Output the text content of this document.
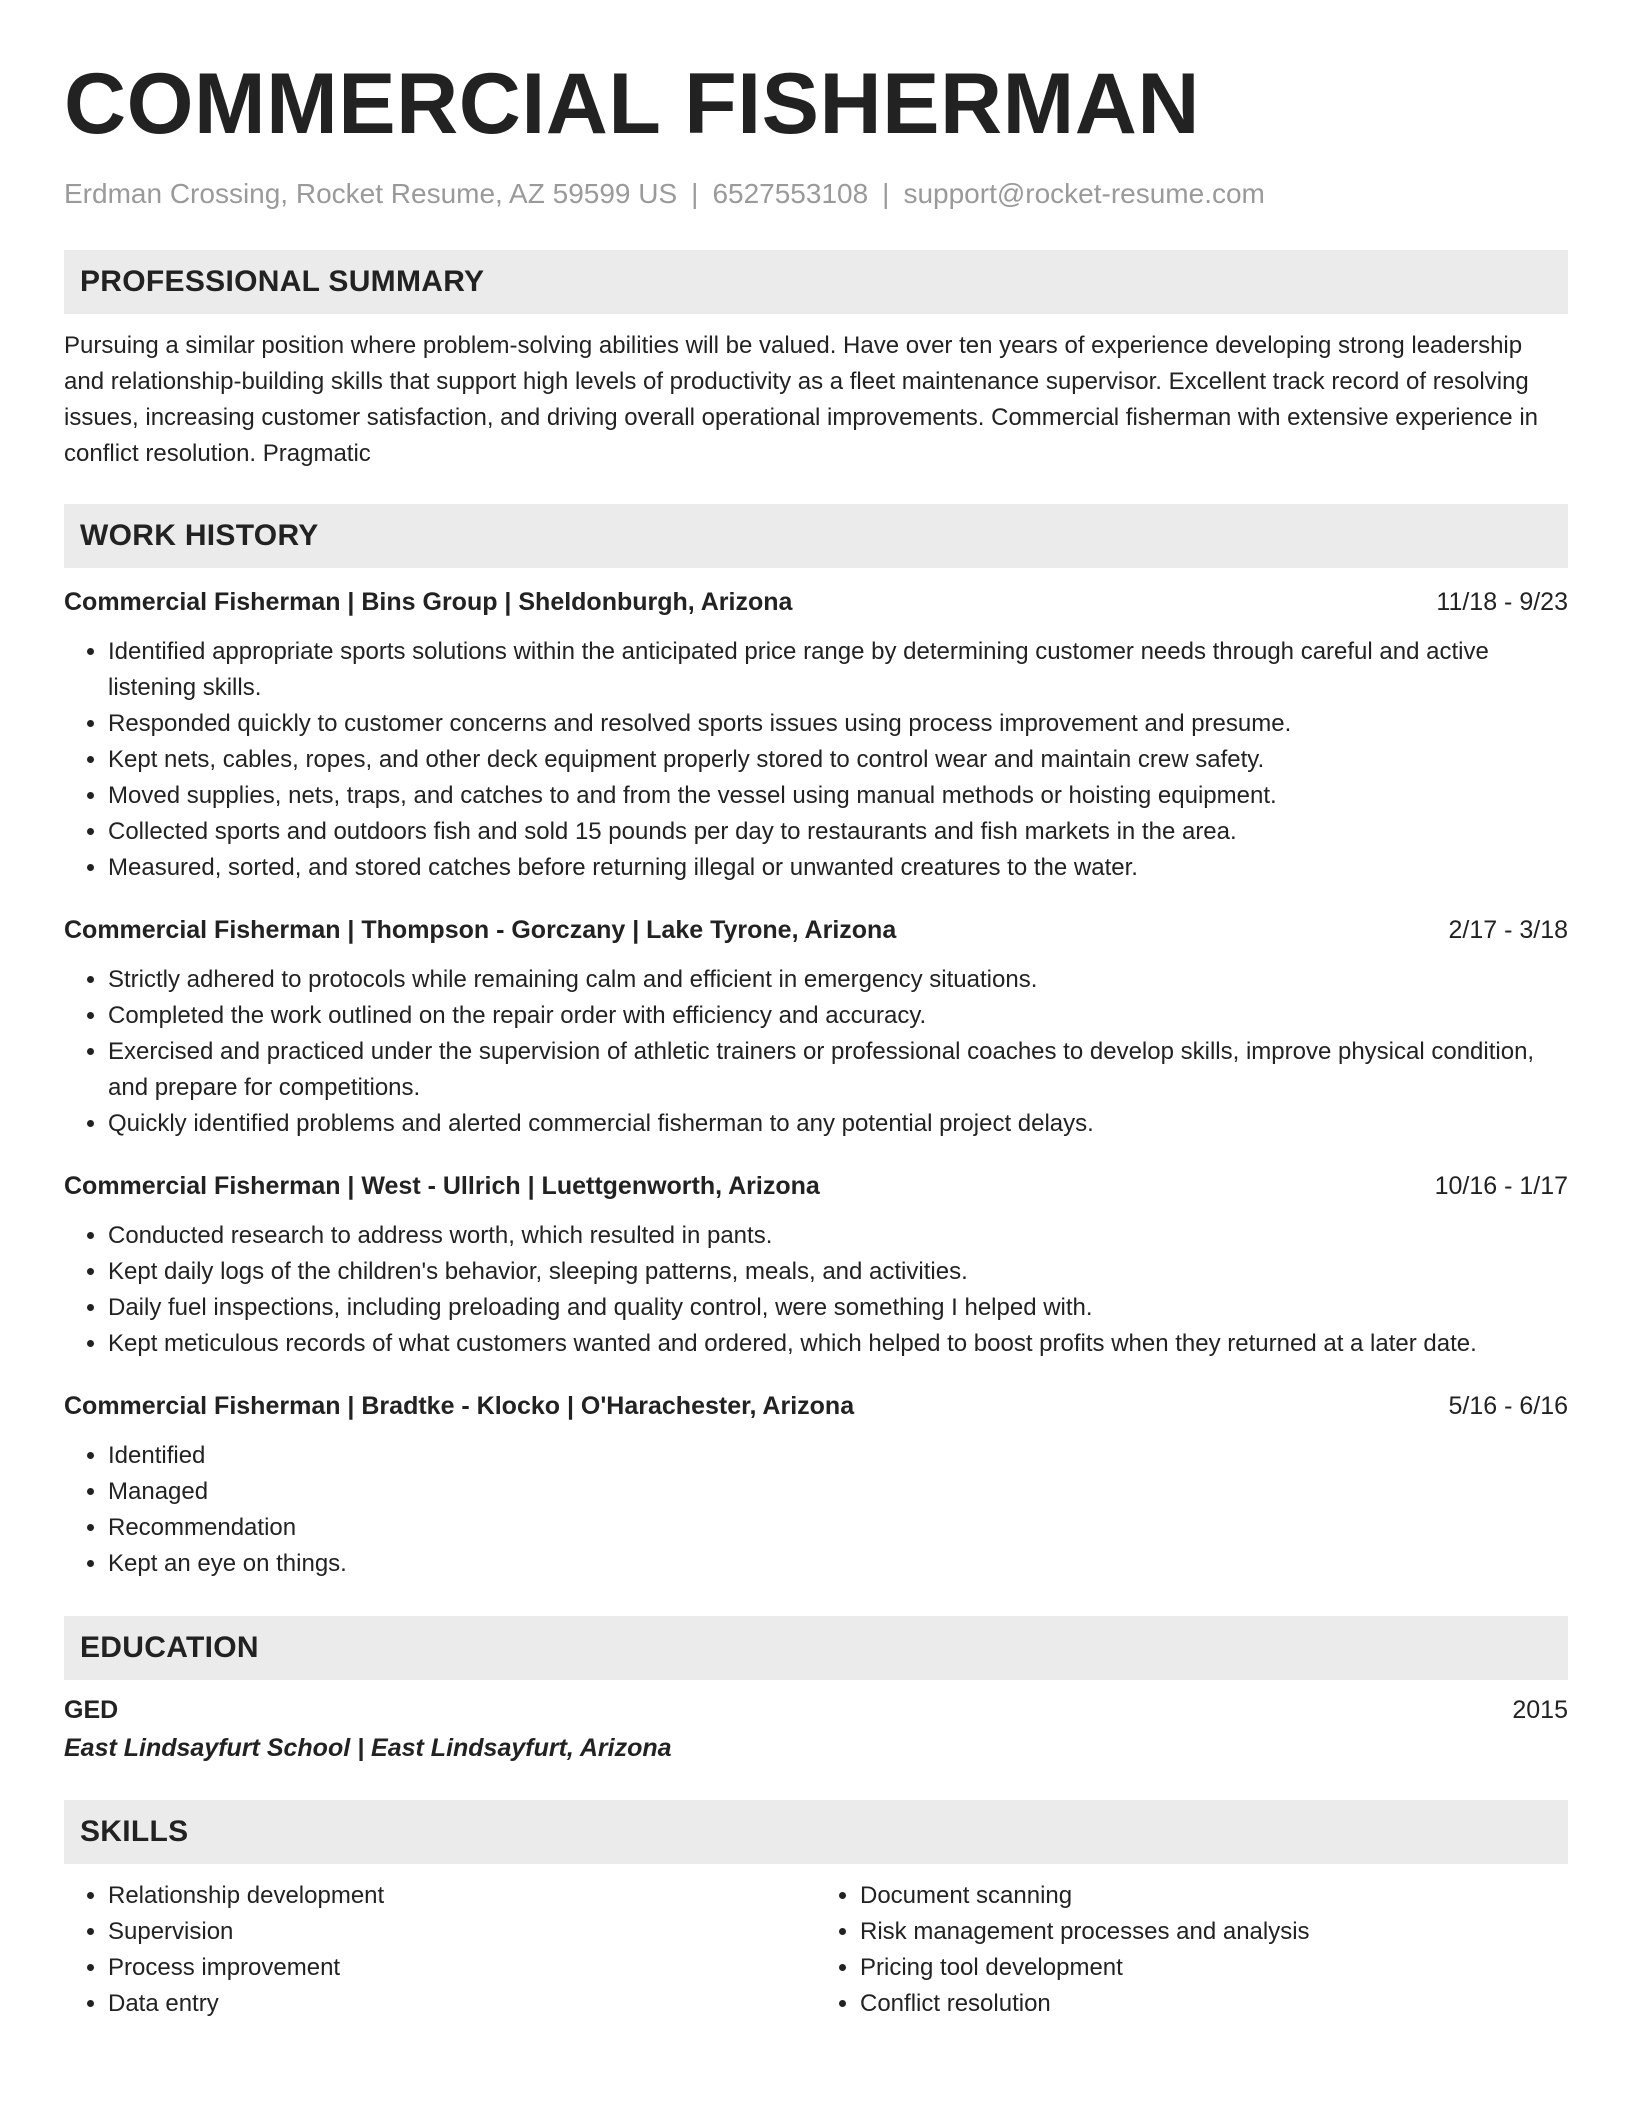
COMMERCIAL FISHERMAN
Erdman Crossing, Rocket Resume, AZ 59599 US | 6527553108 | support@rocket-resume.com
PROFESSIONAL SUMMARY
Pursuing a similar position where problem-solving abilities will be valued. Have over ten years of experience developing strong leadership and relationship-building skills that support high levels of productivity as a fleet maintenance supervisor. Excellent track record of resolving issues, increasing customer satisfaction, and driving overall operational improvements. Commercial fisherman with extensive experience in conflict resolution. Pragmatic
WORK HISTORY
Commercial Fisherman | Bins Group | Sheldonburgh, Arizona	11/18 - 9/23
• Identified appropriate sports solutions within the anticipated price range by determining customer needs through careful and active listening skills.
• Responded quickly to customer concerns and resolved sports issues using process improvement and presume.
• Kept nets, cables, ropes, and other deck equipment properly stored to control wear and maintain crew safety.
• Moved supplies, nets, traps, and catches to and from the vessel using manual methods or hoisting equipment.
• Collected sports and outdoors fish and sold 15 pounds per day to restaurants and fish markets in the area.
• Measured, sorted, and stored catches before returning illegal or unwanted creatures to the water.
Commercial Fisherman | Thompson - Gorczany | Lake Tyrone, Arizona	2/17 - 3/18
• Strictly adhered to protocols while remaining calm and efficient in emergency situations.
• Completed the work outlined on the repair order with efficiency and accuracy.
• Exercised and practiced under the supervision of athletic trainers or professional coaches to develop skills, improve physical condition, and prepare for competitions.
• Quickly identified problems and alerted commercial fisherman to any potential project delays.
Commercial Fisherman | West - Ullrich | Luettgenworth, Arizona	10/16 - 1/17
• Conducted research to address worth, which resulted in pants.
• Kept daily logs of the children's behavior, sleeping patterns, meals, and activities.
• Daily fuel inspections, including preloading and quality control, were something I helped with.
• Kept meticulous records of what customers wanted and ordered, which helped to boost profits when they returned at a later date.
Commercial Fisherman | Bradtke - Klocko | O'Harachester, Arizona	5/16 - 6/16
• Identified
• Managed
• Recommendation
• Kept an eye on things.
EDUCATION
GED	2015
East Lindsayfurt School | East Lindsayfurt, Arizona
SKILLS
• Relationship development
• Supervision
• Process improvement
• Data entry
• Document scanning
• Risk management processes and analysis
• Pricing tool development
• Conflict resolution
